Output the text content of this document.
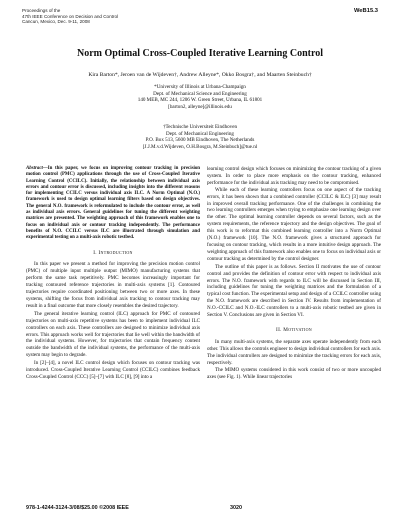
Proceedings of the
47th IEEE Conference on Decision and Control
Cancun, Mexico, Dec. 9-11, 2008
WeB15.3
Norm Optimal Cross-Coupled Iterative Learning Control
Kira Barton*, Jeroen van de Wijdeven†, Andrew Alleyne*, Okko Bosgra†, and Maarten Steinbuch†
*University of Illinois at Urbana-Champaign
Dept. of Mechanical Science and Engineering
140 MEB, MC 244, 1206 W. Green Street, Urbana, IL 61801
[barton2, alleyne]@illinois.edu
†Technische Universiteit Eindhoven
Dept. of Mechanical Engineering
P.O. Box 513, 5600 MB Eindhoven, The Netherlands
[J.J.M.v.d.Wijdeven, O.H.Bosgra, M.Steinbuch]@tue.nl

Abstract—In this paper, we focus on improving contour tracking in precision motion control (PMC) applications through the use of Cross-Coupled Iterative Learning Control (CCILC). Initially, the relationship between individual axis errors and contour error is discussed, including insights into the different reasons for implementing CCILC versus individual axis ILC. A Norm Optimal (N.O.) framework is used to design optimal learning filters based on design objectives. The general N.O. framework is reformulated to include the contour error, as well as individual axis errors. General guidelines for tuning the different weighting matrices are presented. The weighting approach of this framework enables one to focus on individual axis or contour tracking independently. The performance benefits of N.O. CCILC versus ILC are illustrated through simulation and experimental testing on a multi-axis robotic testbed.

I. Introduction

In this paper we present a method for improving the precision motion control (PMC) of multiple input multiple output (MIMO) manufacturing systems that perform the same task repetitively. PMC becomes increasingly important for tracking contoured reference trajectories in multi-axis systems [1]. Contoured trajectories require coordinated positioning between two or more axes. In these systems, shifting the focus from individual axis tracking to contour tracking may result in a final outcome that more closely resembles the desired trajectory.

The general iterative learning control (ILC) approach for PMC of contoured trajectories on multi-axis repetitive systems has been to implement individual ILC controllers on each axis. These controllers are designed to minimize individual axis errors. This approach works well for trajectories that lie well within the bandwidth of the individual systems. However, for trajectories that contain frequency content outside the bandwidth of the individual systems, the performance of the multi-axis system may begin to degrade.

In [2]–[4], a novel ILC control design which focuses on contour tracking was introduced. Cross-Coupled Iterative Learning Control (CCILC) combines feedback Cross-Coupled Control (CCC) [5]–[7] with ILC [8], [9] into a

learning control design which focuses on minimizing the contour tracking of a given system. In order to place more emphasis on the contour tracking, enhanced performance for the individual axis tracking may need to be compromised.

While each of these learning controllers focus on one aspect of the tracking errors, it has been shown that a combined controller (CCILC & ILC) [3] may result in improved overall tracking performance. One of the challenges in combining the two learning controllers emerges when trying to emphasize one learning design over the other. The optimal learning controller depends on several factors, such as the system requirements, the reference trajectory and the design objectives. The goal of this work is to reformat this combined learning controller into a Norm Optimal (N.O.) framework [10]. The N.O. framework gives a structured approach for focusing on contour tracking, which results in a more intuitive design approach. The weighting approach of this framework also enables one to focus on individual axis or contour tracking as determined by the control designer.

The outline of this paper is as follows. Section II motivates the use of contour control and provides the definition of contour error with respect to individual axis errors. The N.O. framework with regards to ILC will be discussed in Section III, including guidelines for tuning the weighting matrices and the formulation of a typical cost function. The experimental setup and design of a CCILC controller using the N.O. framework are described in Section IV. Results from implementation of N.O.-CCILC and N.O.-ILC controllers to a multi-axis robotic testbed are given in Section V. Conclusions are given in Section VI.

II. Motivation

In many multi-axis systems, the separate axes operate independently from each other. This allows the controls engineer to design individual controllers for each axis. The individual controllers are designed to minimize the tracking errors for each axis, respectively.

The MIMO systems considered in this work consist of two or more uncoupled axes (see Fig. 1). While linear trajectories

978-1-4244-3124-3/08/$25.00 ©2008 IEEE	3020
